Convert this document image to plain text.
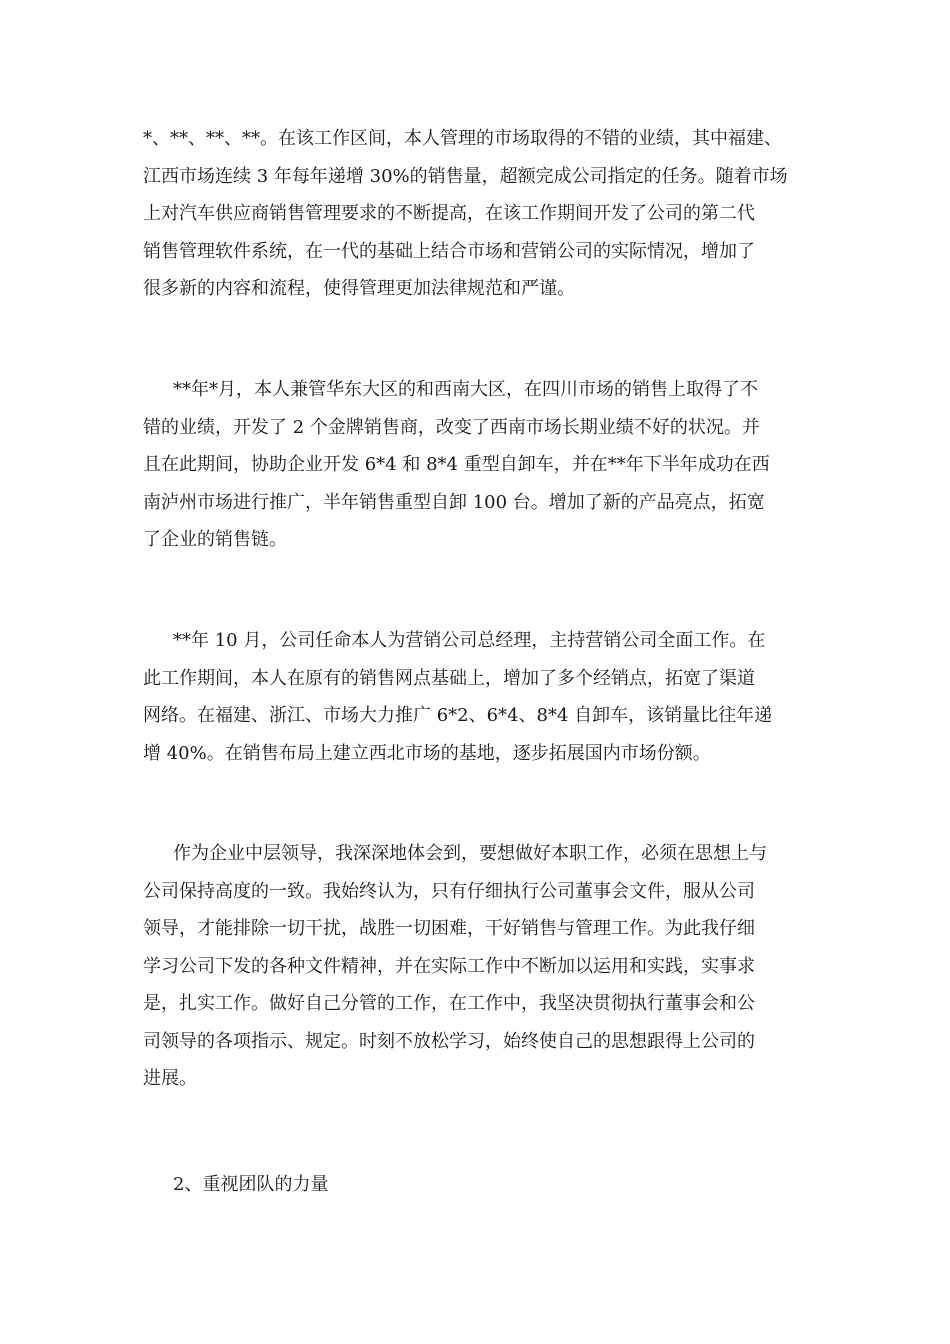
*、**、**、**。在该工作区间，本人管理的市场取得的不错的业绩，其中福建、
江西市场连续 3 年每年递增 30%的销售量，超额完成公司指定的任务。随着市场
上对汽车供应商销售管理要求的不断提高，在该工作期间开发了公司的第二代
销售管理软件系统，在一代的基础上结合市场和营销公司的实际情况，增加了
很多新的内容和流程，使得管理更加法律规范和严谨。
**年*月，本人兼管华东大区的和西南大区，在四川市场的销售上取得了不
错的业绩，开发了 2 个金牌销售商，改变了西南市场长期业绩不好的状况。并
且在此期间，协助企业开发 6*4 和 8*4 重型自卸车，并在**年下半年成功在西
南泸州市场进行推广，半年销售重型自卸 100 台。增加了新的产品亮点，拓宽
了企业的销售链。
**年 10 月，公司任命本人为营销公司总经理，主持营销公司全面工作。在
此工作期间，本人在原有的销售网点基础上，增加了多个经销点，拓宽了渠道
网络。在福建、浙江、市场大力推广 6*2、6*4、8*4 自卸车，该销量比往年递
增 40%。在销售布局上建立西北市场的基地，逐步拓展国内市场份额。
作为企业中层领导，我深深地体会到，要想做好本职工作，必须在思想上与
公司保持高度的一致。我始终认为，只有仔细执行公司董事会文件，服从公司
领导，才能排除一切干扰，战胜一切困难，干好销售与管理工作。为此我仔细
学习公司下发的各种文件精神，并在实际工作中不断加以运用和实践，实事求
是，扎实工作。做好自己分管的工作，在工作中，我坚决贯彻执行董事会和公
司领导的各项指示、规定。时刻不放松学习，始终使自己的思想跟得上公司的
进展。
2、重视团队的力量
